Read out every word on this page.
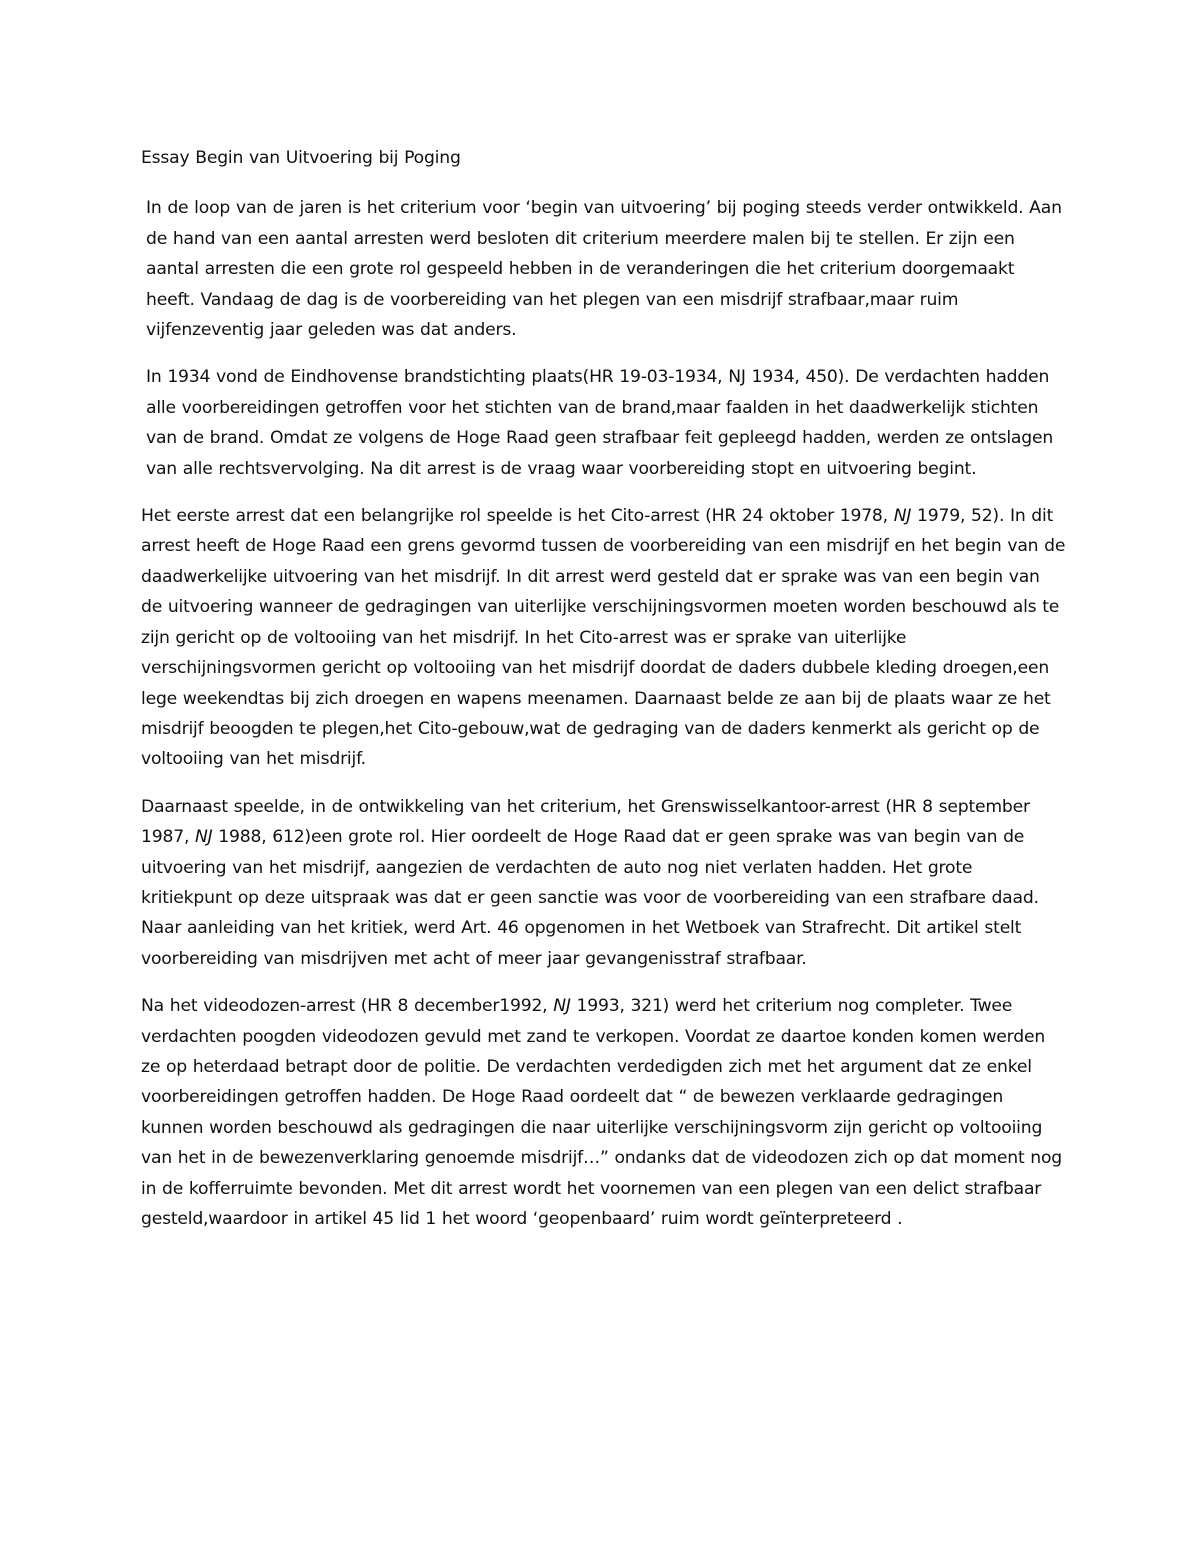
Essay Begin van Uitvoering bij Poging

In de loop van de jaren is het criterium voor ‘begin van uitvoering’ bij poging steeds verder ontwikkeld. Aan de hand van een aantal arresten werd besloten dit criterium meerdere malen bij te stellen. Er zijn een aantal arresten die een grote rol gespeeld hebben in de veranderingen die het criterium doorgemaakt heeft. Vandaag de dag is de voorbereiding van het plegen van een misdrijf strafbaar,maar ruim vijfenzeventig jaar geleden was dat anders.

In 1934 vond de Eindhovense brandstichting plaats(HR 19-03-1934, NJ 1934, 450). De verdachten hadden alle voorbereidingen getroffen voor het stichten van de brand,maar faalden in het daadwerkelijk stichten van de brand. Omdat ze volgens de Hoge Raad geen strafbaar feit gepleegd hadden, werden ze ontslagen van alle rechtsvervolging. Na dit arrest is de vraag waar voorbereiding stopt en uitvoering begint.

Het eerste arrest dat een belangrijke rol speelde is het Cito-arrest (HR 24 oktober 1978, NJ 1979, 52). In dit arrest heeft de Hoge Raad een grens gevormd tussen de voorbereiding van een misdrijf en het begin van de daadwerkelijke uitvoering van het misdrijf. In dit arrest werd gesteld dat er sprake was van een begin van de uitvoering wanneer de gedragingen van uiterlijke verschijningsvormen moeten worden beschouwd als te zijn gericht op de voltooiing van het misdrijf. In het Cito-arrest was er sprake van uiterlijke verschijningsvormen gericht op voltooiing van het misdrijf doordat de daders dubbele kleding droegen,een lege weekendtas bij zich droegen en wapens meenamen. Daarnaast belde ze aan bij de plaats waar ze het misdrijf beoogden te plegen,het Cito-gebouw,wat de gedraging van de daders kenmerkt als gericht op de voltooiing van het misdrijf.

Daarnaast speelde, in de ontwikkeling van het criterium, het Grenswisselkantoor-arrest (HR 8 september 1987, NJ 1988, 612)een grote rol. Hier oordeelt de Hoge Raad dat er geen sprake was van begin van de uitvoering van het misdrijf, aangezien de verdachten de auto nog niet verlaten hadden. Het grote kritiekpunt op deze uitspraak was dat er geen sanctie was voor de voorbereiding van een strafbare daad. Naar aanleiding van het kritiek, werd Art. 46 opgenomen in het Wetboek van Strafrecht. Dit artikel stelt voorbereiding van misdrijven met acht of meer jaar gevangenisstraf strafbaar.

Na het videodozen-arrest (HR 8 december1992, NJ 1993, 321) werd het criterium nog completer. Twee verdachten poogden videodozen gevuld met zand te verkopen. Voordat ze daartoe konden komen werden ze op heterdaad betrapt door de politie. De verdachten verdedigden zich met het argument dat ze enkel voorbereidingen getroffen hadden. De Hoge Raad oordeelt dat “ de bewezen verklaarde gedragingen kunnen worden beschouwd als gedragingen die naar uiterlijke verschijningsvorm zijn gericht op voltooiing van het in de bewezenverklaring genoemde misdrijf…” ondanks dat de videodozen zich op dat moment nog in de kofferruimte bevonden. Met dit arrest wordt het voornemen van een plegen van een delict strafbaar gesteld,waardoor in artikel 45 lid 1 het woord ‘geopenbaard’ ruim wordt geïnterpreteerd .
